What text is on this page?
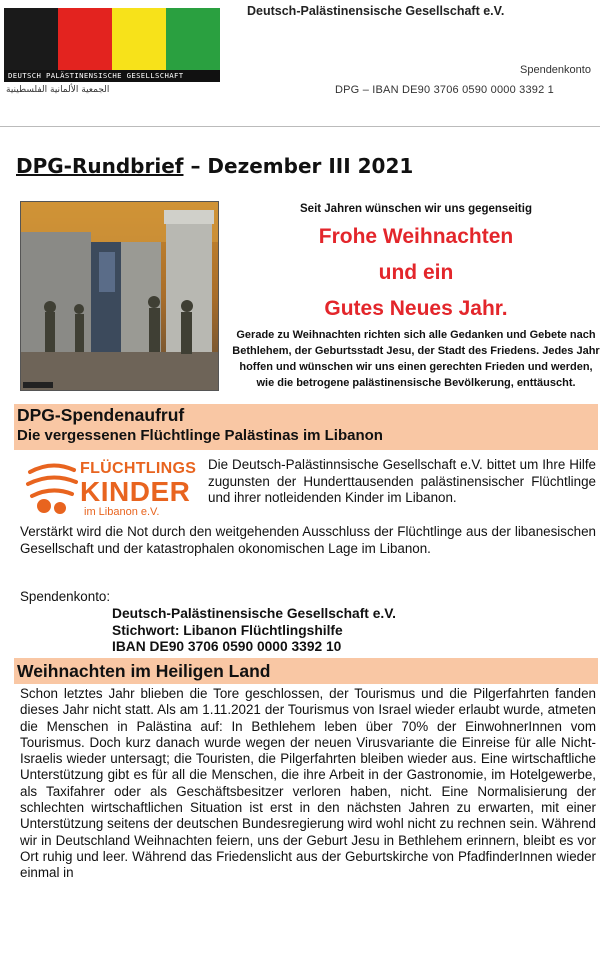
DEUTSCH PALÄSTINENSISCHE GESELLSCHAFT
الجمعية الألمانية الفلسطينية
Deutsch-Palästinensische Gesellschaft e.V.
Spendenkonto
DPG – IBAN DE90 3706 0590 0000 3392 1
DPG-Rundbrief – Dezember III 2021
Seit Jahren wünschen wir uns gegenseitig
Frohe Weihnachten
und ein
Gutes Neues Jahr.
Gerade zu Weihnachten richten sich alle Gedanken und Gebete nach Bethlehem, der Geburtsstadt Jesu, der Stadt des Friedens. Jedes Jahr hoffen und wünschen wir uns einen gerechten Frieden und werden, wie die betrogene palästinensische Bevölkerung, enttäuscht.
DPG-Spendenaufruf
Die vergessenen Flüchtlinge Palästinas im Libanon
FLÜCHTLINGS
KINDER
im Libanon e.V.
Die Deutsch-Palästinnsische Gesellschaft e.V. bittet um Ihre Hilfe zugunsten der Hunderttausenden palästinensischer Flüchtlinge und ihrer notleidenden Kinder im Libanon.
Verstärkt wird die Not durch den weitgehenden Ausschluss der Flüchtlinge aus der libanesischen Gesellschaft und der katastrophalen okonomischen Lage im Libanon.
Spendenkonto:
Deutsch-Palästinensische Gesellschaft e.V.
Stichwort: Libanon Flüchtlingshilfe
IBAN DE90 3706 0590 0000 3392 10
Weihnachten im Heiligen Land
Schon letztes Jahr blieben die Tore geschlossen, der Tourismus und die Pilgerfahrten fanden dieses Jahr nicht statt. Als am 1.11.2021 der Tourismus von Israel wieder erlaubt wurde, atmeten die Menschen in Palästina auf: In Bethlehem leben über 70% der EinwohnerInnen vom Tourismus. Doch kurz danach wurde wegen der neuen Virusvariante die Einreise für alle Nicht-Israelis wieder untersagt; die Touristen, die Pilgerfahrten bleiben wieder aus. Eine wirtschaftliche Unterstützung gibt es für all die Menschen, die ihre Arbeit in der Gastronomie, im Hotelgewerbe, als Taxifahrer oder als Geschäftsbesitzer verloren haben, nicht. Eine Normalisierung der schlechten wirtschaftlichen Situation ist erst in den nächsten Jahren zu erwarten, mit einer Unterstützung seitens der deutschen Bundesregierung wird wohl nicht zu rechnen sein. Während wir in Deutschland Weihnachten feiern, uns der Geburt Jesu in Bethlehem erinnern, bleibt es vor Ort ruhig und leer. Während das Friedenslicht aus der Geburtskirche von PfadfinderInnen wieder einmal in
